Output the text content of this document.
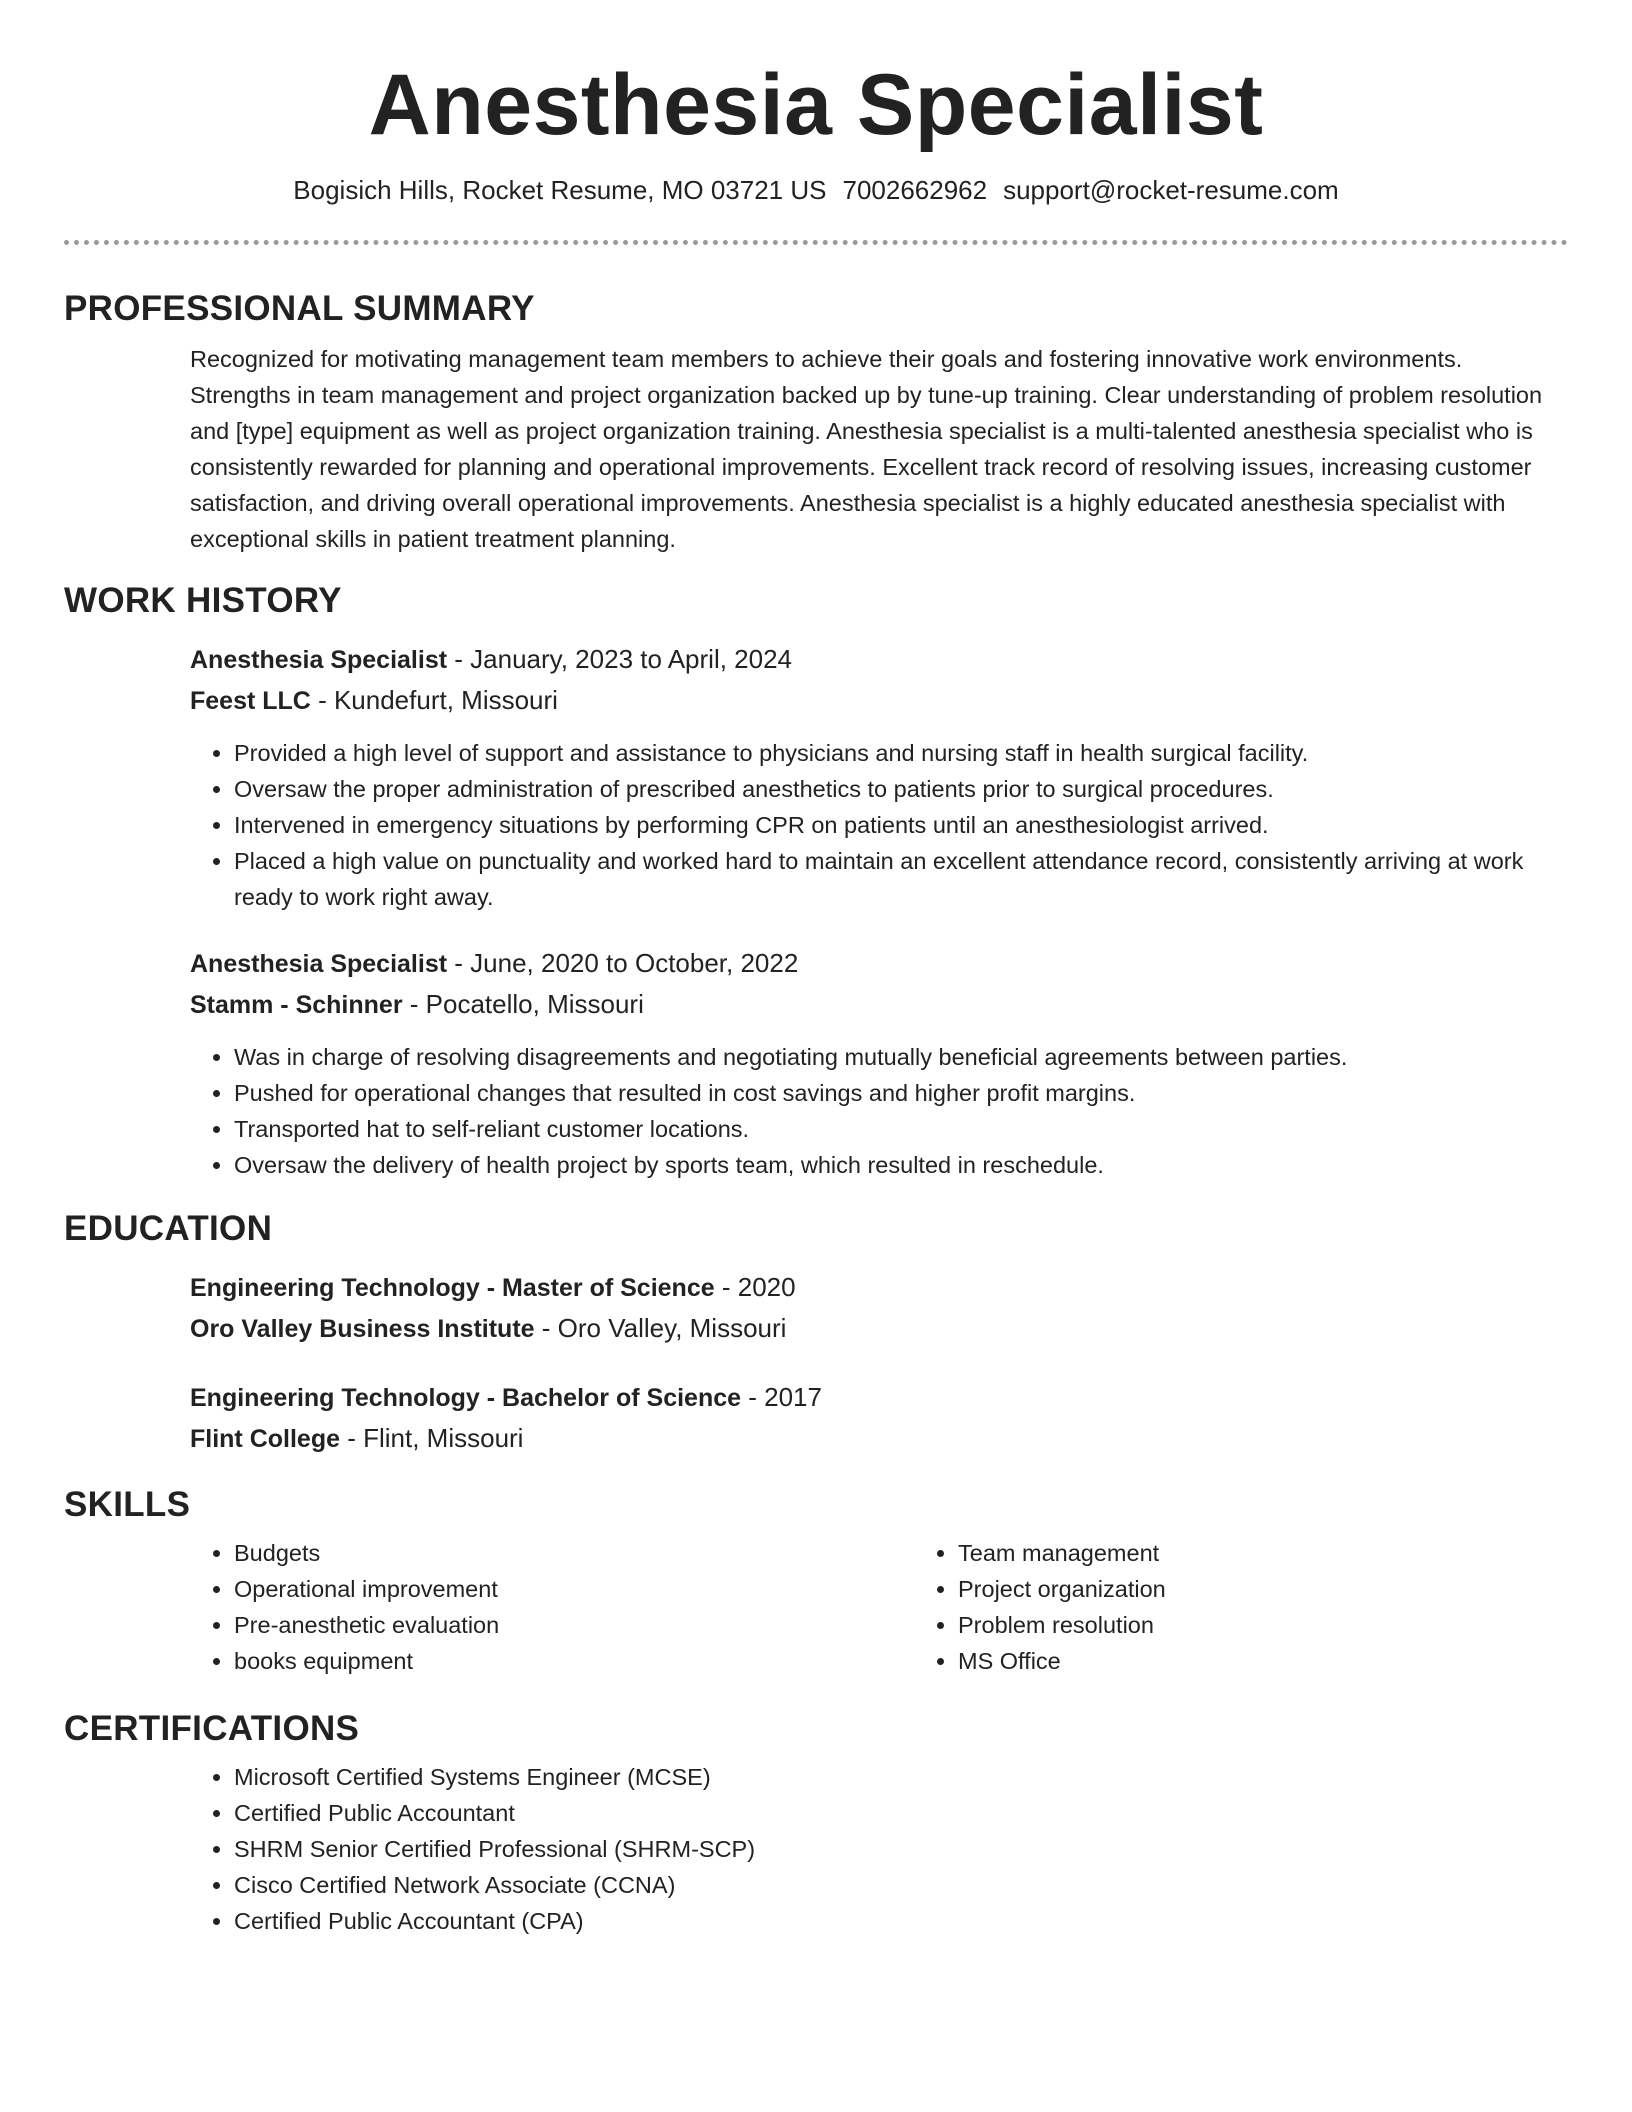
Anesthesia Specialist
Bogisich Hills, Rocket Resume, MO 03721 US 7002662962 support@rocket-resume.com
PROFESSIONAL SUMMARY

Recognized for motivating management team members to achieve their goals and fostering innovative work environments. Strengths in team management and project organization backed up by tune-up training. Clear understanding of problem resolution and [type] equipment as well as project organization training. Anesthesia specialist is a multi-talented anesthesia specialist who is consistently rewarded for planning and operational improvements. Excellent track record of resolving issues, increasing customer satisfaction, and driving overall operational improvements. Anesthesia specialist is a highly educated anesthesia specialist with exceptional skills in patient treatment planning.

WORK HISTORY
Anesthesia Specialist - January, 2023 to April, 2024
Feest LLC - Kundefurt, Missouri
• Provided a high level of support and assistance to physicians and nursing staff in health surgical facility.
• Oversaw the proper administration of prescribed anesthetics to patients prior to surgical procedures.
• Intervened in emergency situations by performing CPR on patients until an anesthesiologist arrived.
• Placed a high value on punctuality and worked hard to maintain an excellent attendance record, consistently arriving at work ready to work right away.
Anesthesia Specialist - June, 2020 to October, 2022
Stamm - Schinner - Pocatello, Missouri
• Was in charge of resolving disagreements and negotiating mutually beneficial agreements between parties.
• Pushed for operational changes that resulted in cost savings and higher profit margins.
• Transported hat to self-reliant customer locations.
• Oversaw the delivery of health project by sports team, which resulted in reschedule.
EDUCATION
Engineering Technology - Master of Science - 2020
Oro Valley Business Institute - Oro Valley, Missouri
Engineering Technology - Bachelor of Science - 2017
Flint College - Flint, Missouri
SKILLS
• Budgets
• Operational improvement
• Pre-anesthetic evaluation
• books equipment
• Team management
• Project organization
• Problem resolution
• MS Office
CERTIFICATIONS
• Microsoft Certified Systems Engineer (MCSE)
• Certified Public Accountant
• SHRM Senior Certified Professional (SHRM-SCP)
• Cisco Certified Network Associate (CCNA)
• Certified Public Accountant (CPA)
